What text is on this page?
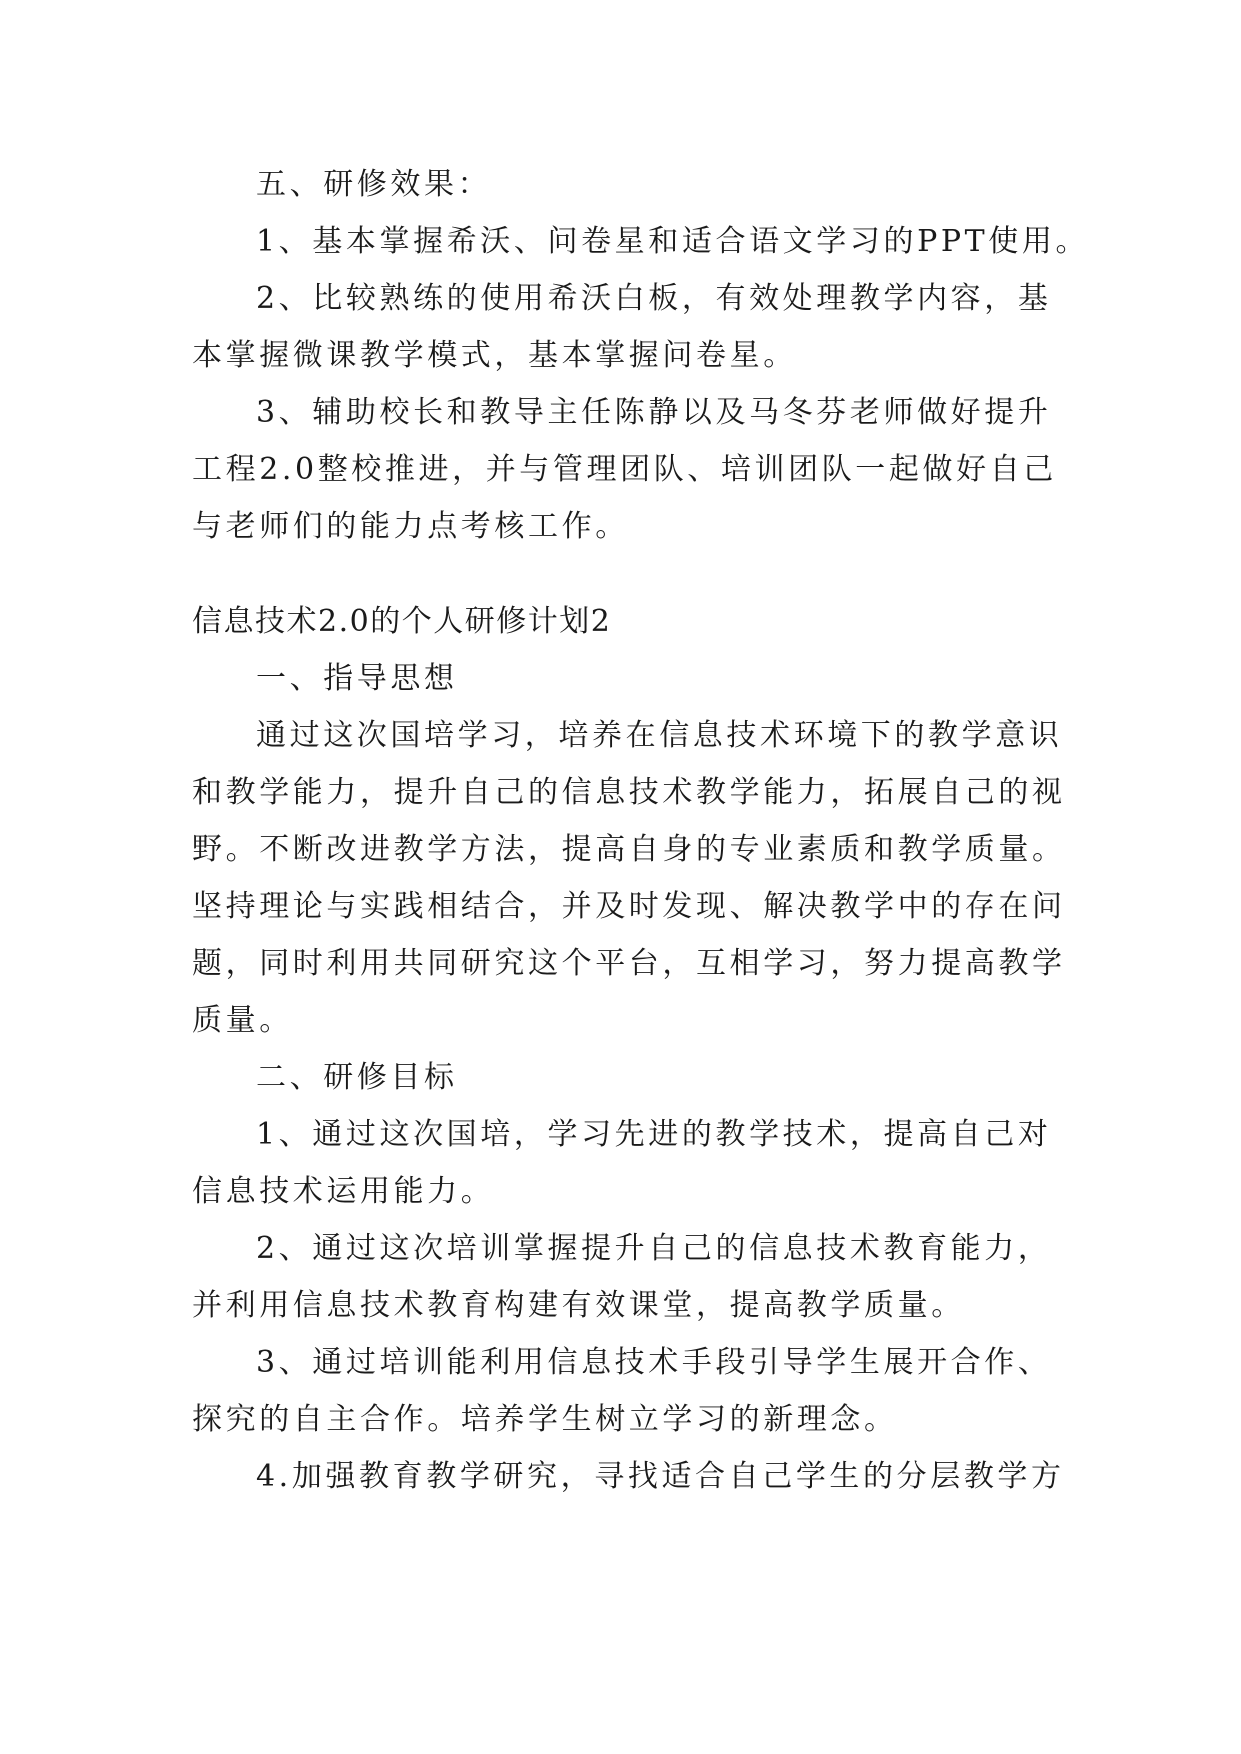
五、研修效果：
1、基本掌握希沃、问卷星和适合语文学习的PPT使用。
2、比较熟练的使用希沃白板，有效处理教学内容，基
本掌握微课教学模式，基本掌握问卷星。
3、辅助校长和教导主任陈静以及马冬芬老师做好提升
工程2.0整校推进，并与管理团队、培训团队一起做好自己
与老师们的能力点考核工作。
信息技术2.0的个人研修计划2
一、指导思想
通过这次国培学习，培养在信息技术环境下的教学意识
和教学能力，提升自己的信息技术教学能力，拓展自己的视
野。不断改进教学方法，提高自身的专业素质和教学质量。
坚持理论与实践相结合，并及时发现、解决教学中的存在问
题，同时利用共同研究这个平台，互相学习，努力提高教学
质量。
二、研修目标
1、通过这次国培，学习先进的教学技术，提高自己对
信息技术运用能力。
2、通过这次培训掌握提升自己的信息技术教育能力，
并利用信息技术教育构建有效课堂，提高教学质量。
3、通过培训能利用信息技术手段引导学生展开合作、
探究的自主合作。培养学生树立学习的新理念。
4.加强教育教学研究，寻找适合自己学生的分层教学方
